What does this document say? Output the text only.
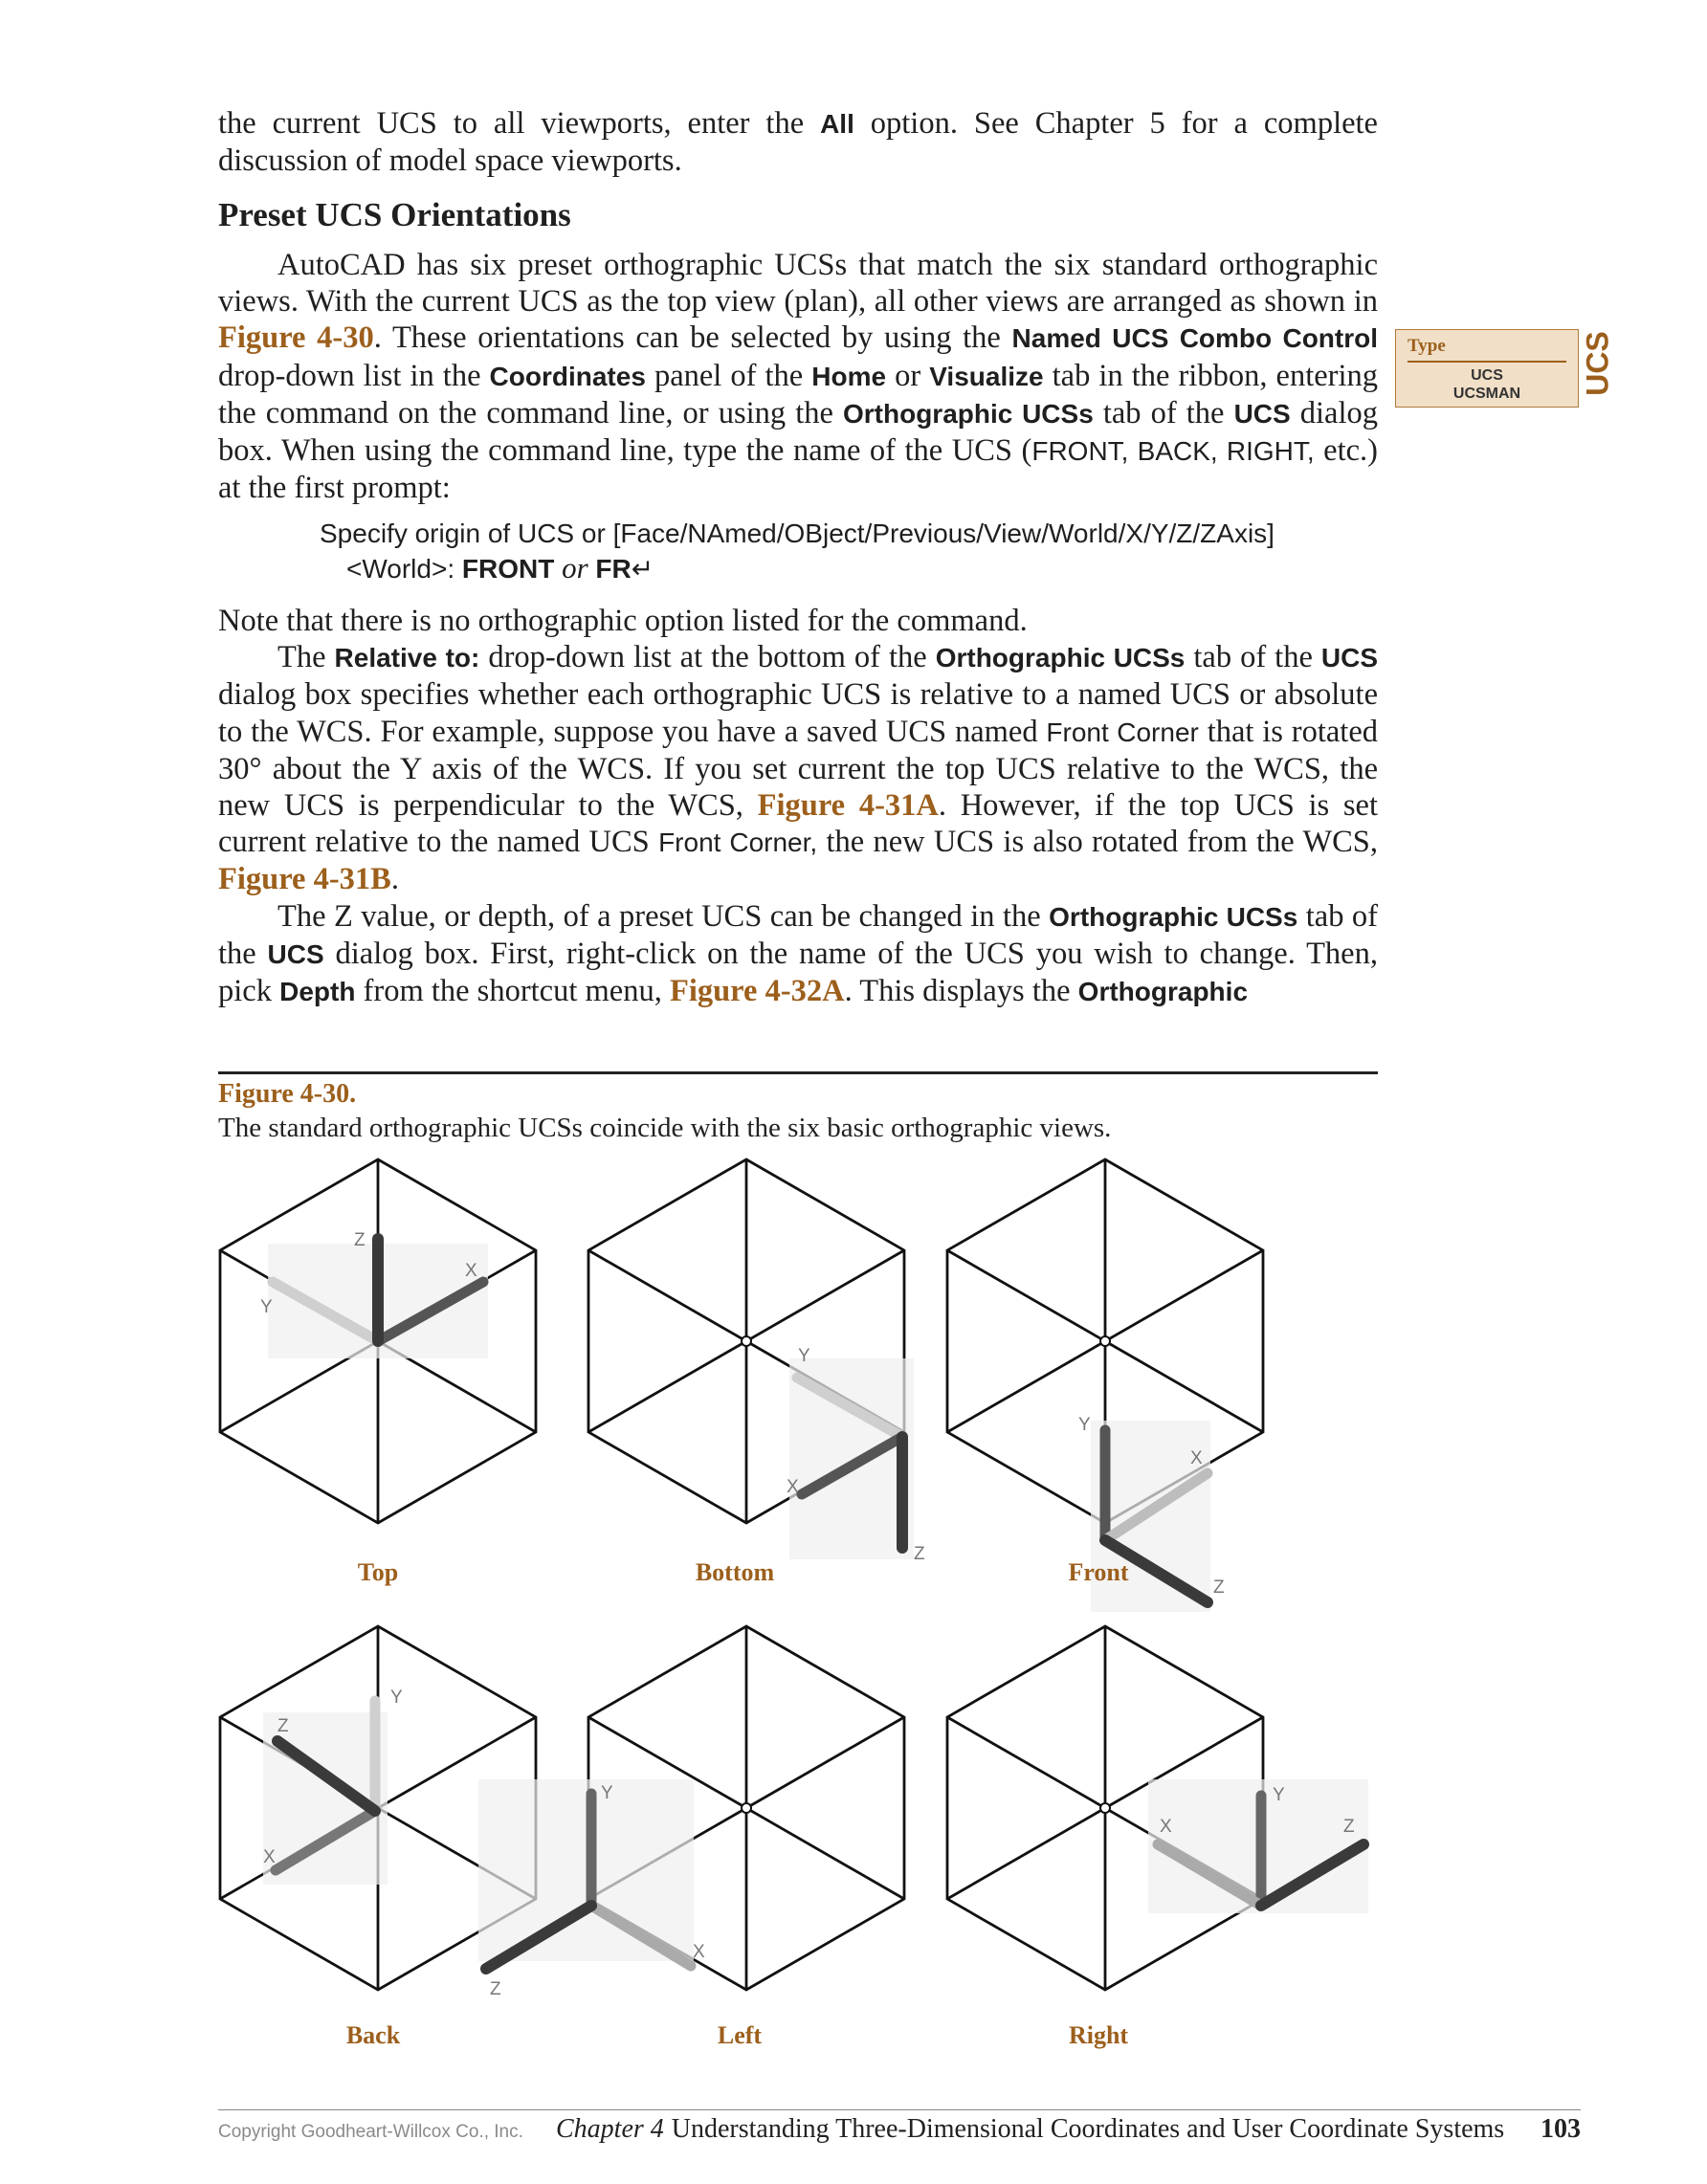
the current UCS to all viewports, enter the All option. See Chapter 5 for a complete discussion of model space viewports.

Preset UCS Orientations

AutoCAD has six preset orthographic UCSs that match the six standard orthographic views. With the current UCS as the top view (plan), all other views are arranged as shown in Figure 4-30. These orientations can be selected by using the Named UCS Combo Control drop-down list in the Coordinates panel of the Home or Visualize tab in the ribbon, entering the command on the command line, or using the Orthographic UCSs tab of the UCS dialog box. When using the command line, type the name of the UCS (FRONT, BACK, RIGHT, etc.) at the first prompt:

Specify origin of UCS or [Face/NAmed/OBject/Previous/View/World/X/Y/Z/ZAxis]
<World>: FRONT or FR↵

Note that there is no orthographic option listed for the command.

The Relative to: drop-down list at the bottom of the Orthographic UCSs tab of the UCS dialog box specifies whether each orthographic UCS is relative to a named UCS or absolute to the WCS. For example, suppose you have a saved UCS named Front Corner that is rotated 30° about the Y axis of the WCS. If you set current the top UCS relative to the WCS, the new UCS is perpendicular to the WCS, Figure 4-31A. However, if the top UCS is set current relative to the named UCS Front Corner, the new UCS is also rotated from the WCS, Figure 4-31B.

The Z value, or depth, of a preset UCS can be changed in the Orthographic UCSs tab of the UCS dialog box. First, right-click on the name of the UCS you wish to change. Then, pick Depth from the shortcut menu, Figure 4-32A. This displays the Orthographic

Type
UCS
UCSMAN	UCS
Figure 4-30.
The standard orthographic UCSs coincide with the six basic orthographic views.
Z
X
Y
Top
Y
X
Z
Bottom
Y
X
Z
Front
Y
Z
X
Back
Y
X
Z
Left
Y
X	Z
Right
Copyright Goodheart-Willcox Co., Inc. Chapter 4 Understanding Three-Dimensional Coordinates and User Coordinate Systems 103
